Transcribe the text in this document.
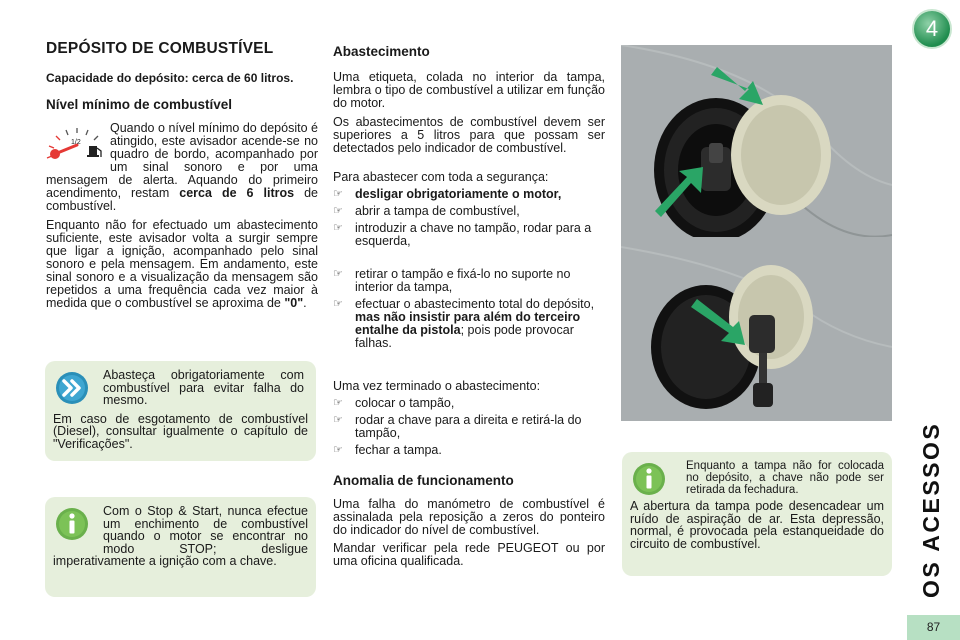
DEPÓSITO DE COMBUSTÍVEL
Capacidade do depósito: cerca de 60 litros.
Nível mínimo de combustível
1/2

Quando o nível mínimo do depósito é atingido, este avisador acende-se no quadro de bordo, acompanhado por um sinal sonoro e por uma mensagem de alerta. Aquando do primeiro acendimento, restam cerca de 6 litros de combustível.

Enquanto não for efectuado um abastecimento suficiente, este avisador volta a surgir sempre que ligar a ignição, acompanhado pelo sinal sonoro e pela mensagem. Em andamento, este sinal sonoro e a visualização da mensagem são repetidos a uma frequência cada vez maior à medida que o combustível se aproxima de "0".

Abasteça obrigatoriamente com combustível para evitar falha do mesmo.

Em caso de esgotamento de combustível (Diesel), consultar igualmente o capítulo de "Verificações".

Com o Stop & Start, nunca efectue um enchimento de combustível quando o motor se encontrar no modo STOP; desligue imperativamente a ignição com a chave.

Abastecimento

Uma etiqueta, colada no interior da tampa, lembra o tipo de combustível a utilizar em função do motor.

Os abastecimentos de combustível devem ser superiores a 5 litros para que possam ser detectados pelo indicador de combustível.

Para abastecer com toda a segurança:

☞ desligar obrigatoriamente o motor,
☞ abrir a tampa de combustível,
☞ introduzir a chave no tampão, rodar para a esquerda,
☞ retirar o tampão e fixá-lo no suporte no interior da tampa,
☞ efectuar o abastecimento total do depósito, mas não insistir para além do terceiro entalhe da pistola; pois pode provocar falhas.

Uma vez terminado o abastecimento:

☞ colocar o tampão,
☞ rodar a chave para a direita e retirá-la do tampão,
☞ fechar a tampa.
Anomalia de funcionamento

Uma falha do manómetro de combustível é assinalada pela reposição a zeros do ponteiro do indicador do nível de combustível.

Mandar verificar pela rede PEUGEOT ou por uma oficina qualificada.

Enquanto a tampa não for colocada no depósito, a chave não pode ser retirada da fechadura.

A abertura da tampa pode desencadear um ruído de aspiração de ar. Esta depressão, normal, é provocada pela estanqueidade do circuito de combustível.

4
OS ACESSOS
87
